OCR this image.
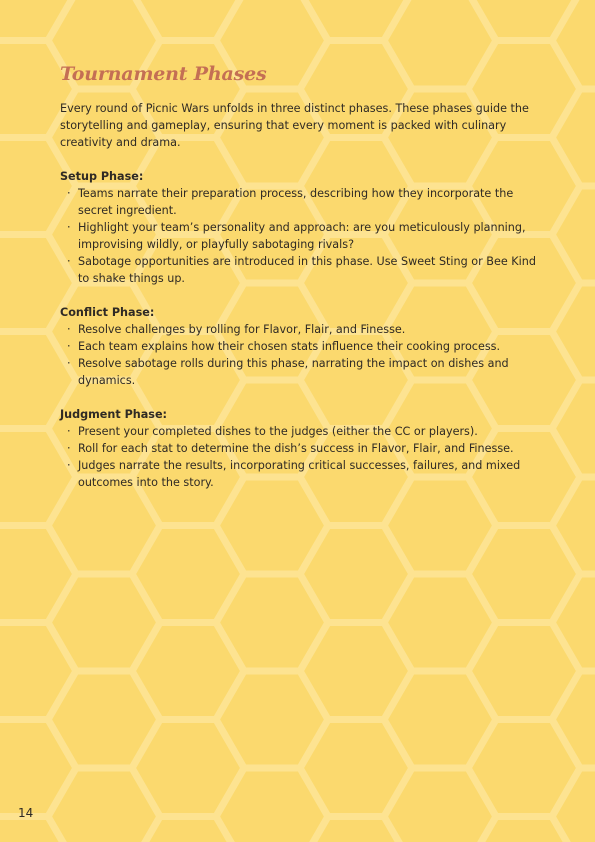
Tournament Phases

Every round of Picnic Wars unfolds in three distinct phases. These phases guide the storytelling and gameplay, ensuring that every moment is packed with culinary creativity and drama.

Setup Phase:

· Teams narrate their preparation process, describing how they incorporate the secret ingredient.
· Highlight your team’s personality and approach: are you meticulously planning, improvising wildly, or playfully sabotaging rivals?
· Sabotage opportunities are introduced in this phase. Use Sweet Sting or Bee Kind to shake things up.

Conflict Phase:

· Resolve challenges by rolling for Flavor, Flair, and Finesse.
· Each team explains how their chosen stats influence their cooking process.
· Resolve sabotage rolls during this phase, narrating the impact on dishes and dynamics.

Judgment Phase:

· Present your completed dishes to the judges (either the CC or players).
· Roll for each stat to determine the dish’s success in Flavor, Flair, and Finesse.
· Judges narrate the results, incorporating critical successes, failures, and mixed outcomes into the story.
14
